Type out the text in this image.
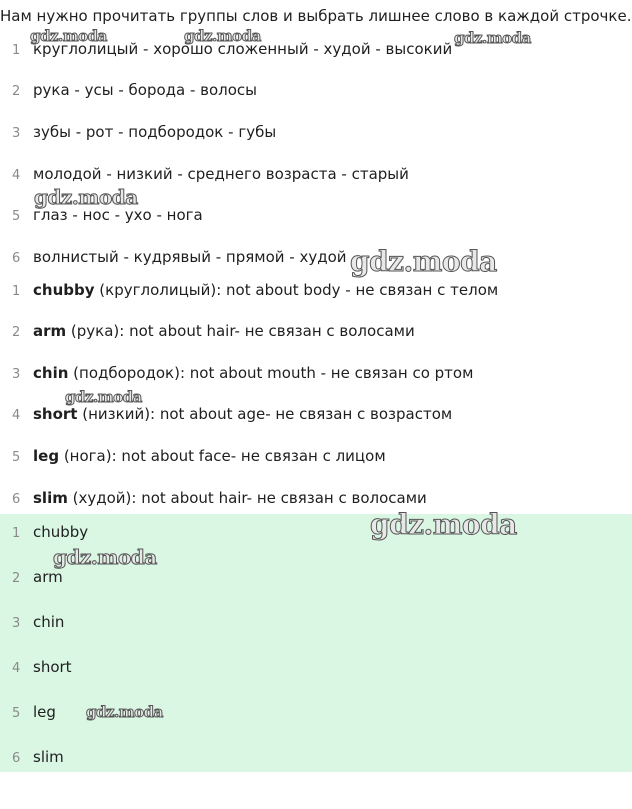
Нам нужно прочитать группы слов и выбрать лишнее слово в каждой строчке.
1 круглолицый - хорошо сложенный - худой - высокий
2 рука - усы - борода - волосы
3 зубы - рот - подбородок - губы
4 молодой - низкий - среднего возраста - старый
5 глаз - нос - ухо - нога
6 волнистый - кудрявый - прямой - худой
1 chubby (круглолицый): not about body - не связан с телом
2 arm (рука): not about hair- не связан с волосами
3 chin (подбородок): not about mouth - не связан со ртом
4 short (низкий): not about age- не связан с возрастом
5 leg (нога): not about face- не связан с лицом
6 slim (худой): not about hair- не связан с волосами
1 chubby
2 arm
3 chin
4 short
5 leg
6 slim
gdz.moda	gdz.moda	gdz.moda
gdz.moda
gdz.moda
gdz.moda
gdz.moda
gdz.moda
gdz.moda
